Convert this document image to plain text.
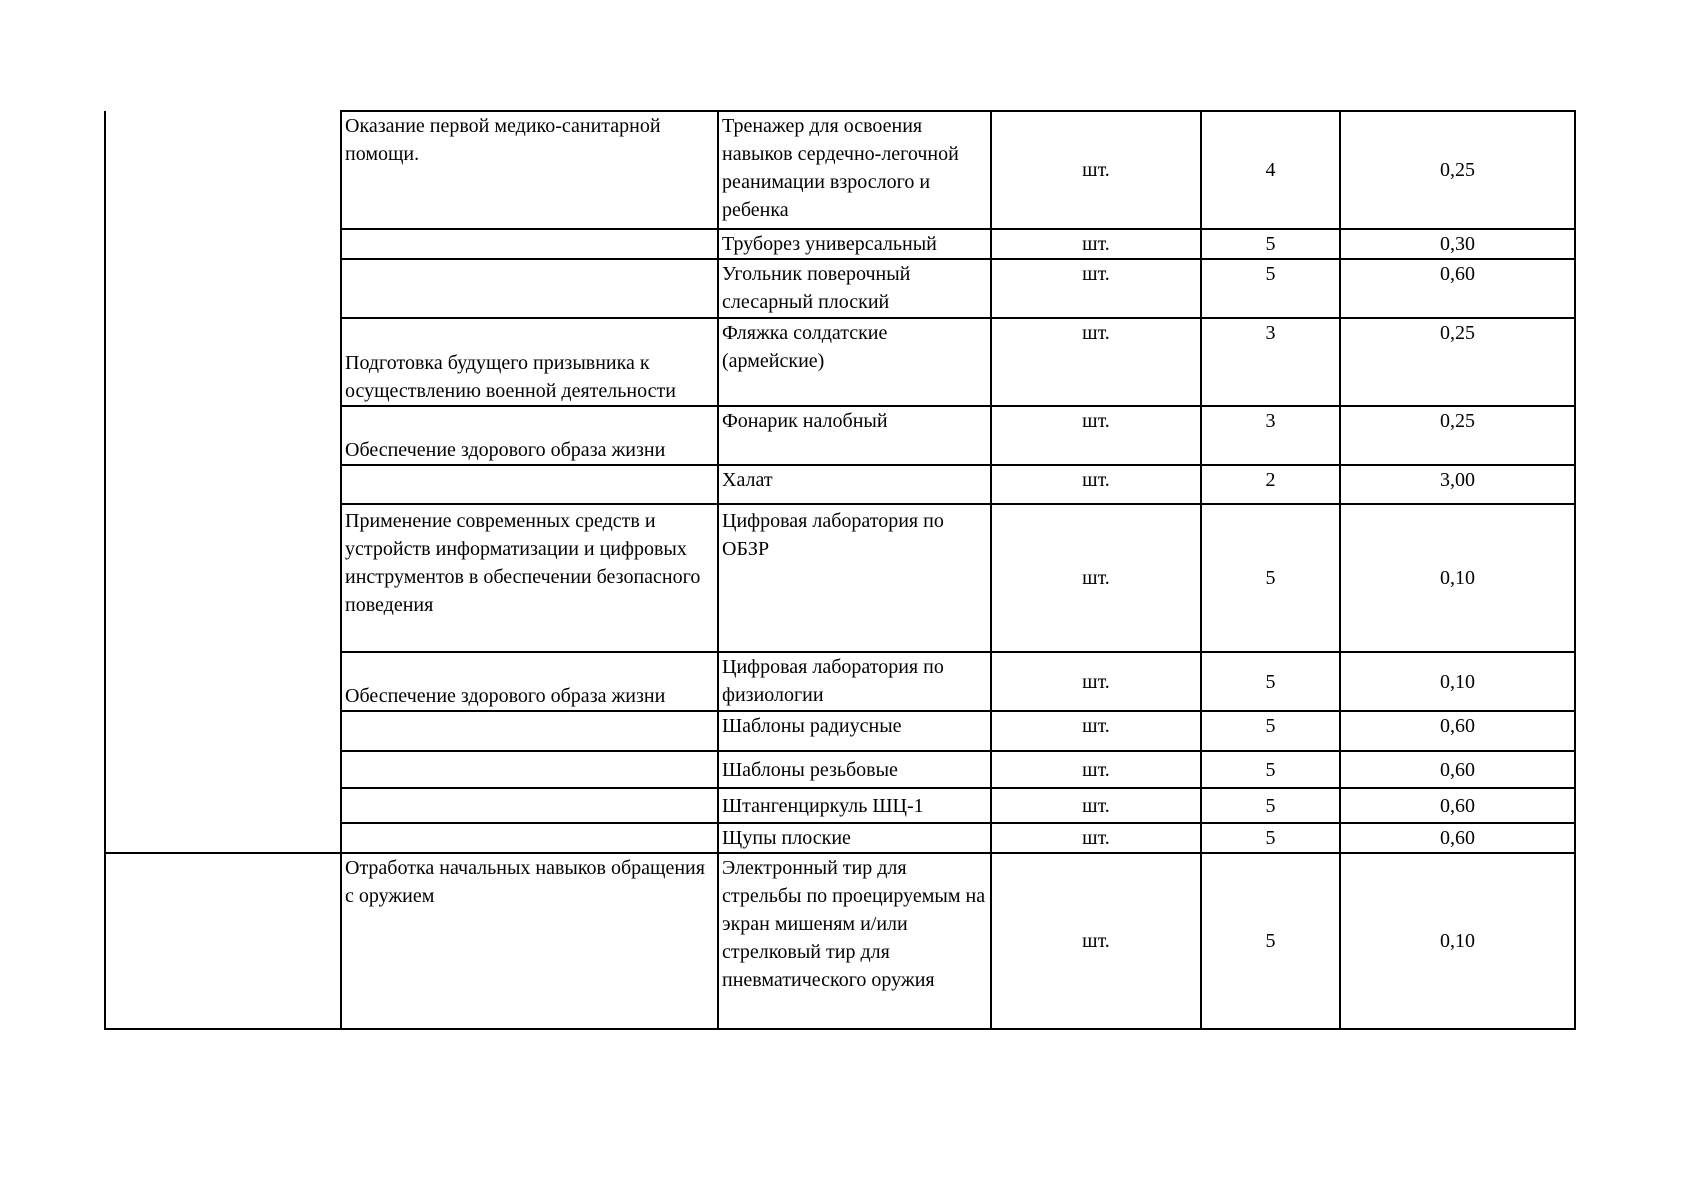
	Оказание первой медико-санитарной помощи.	Тренажер для освоения навыков сердечно-легочной реанимации взрослого и ребенка	шт.	4	0,25
		Труборез универсальный	шт.	5	0,30
		Угольник поверочный слесарный плоский	шт.	5	0,60
	Подготовка будущего призывника к осуществлению военной деятельности	Фляжка солдатские (армейские)	шт.	3	0,25
	Обеспечение здорового образа жизни	Фонарик налобный	шт.	3	0,25
		Халат	шт.	2	3,00
	Применение современных средств и устройств информатизации и цифровых инструментов в обеспечении безопасного поведения	Цифровая лаборатория по ОБЗР	шт.	5	0,10
	Обеспечение здорового образа жизни	Цифровая лаборатория по физиологии	шт.	5	0,10
		Шаблоны радиусные	шт.	5	0,60
		Шаблоны резьбовые	шт.	5	0,60
		Штангенциркуль ШЦ-1	шт.	5	0,60
		Щупы плоские	шт.	5	0,60
	Отработка начальных навыков обращения с оружием	Электронный тир для стрельбы по проецируемым на экран мишеням и/или стрелковый тир для пневматического оружия	шт.	5	0,10
